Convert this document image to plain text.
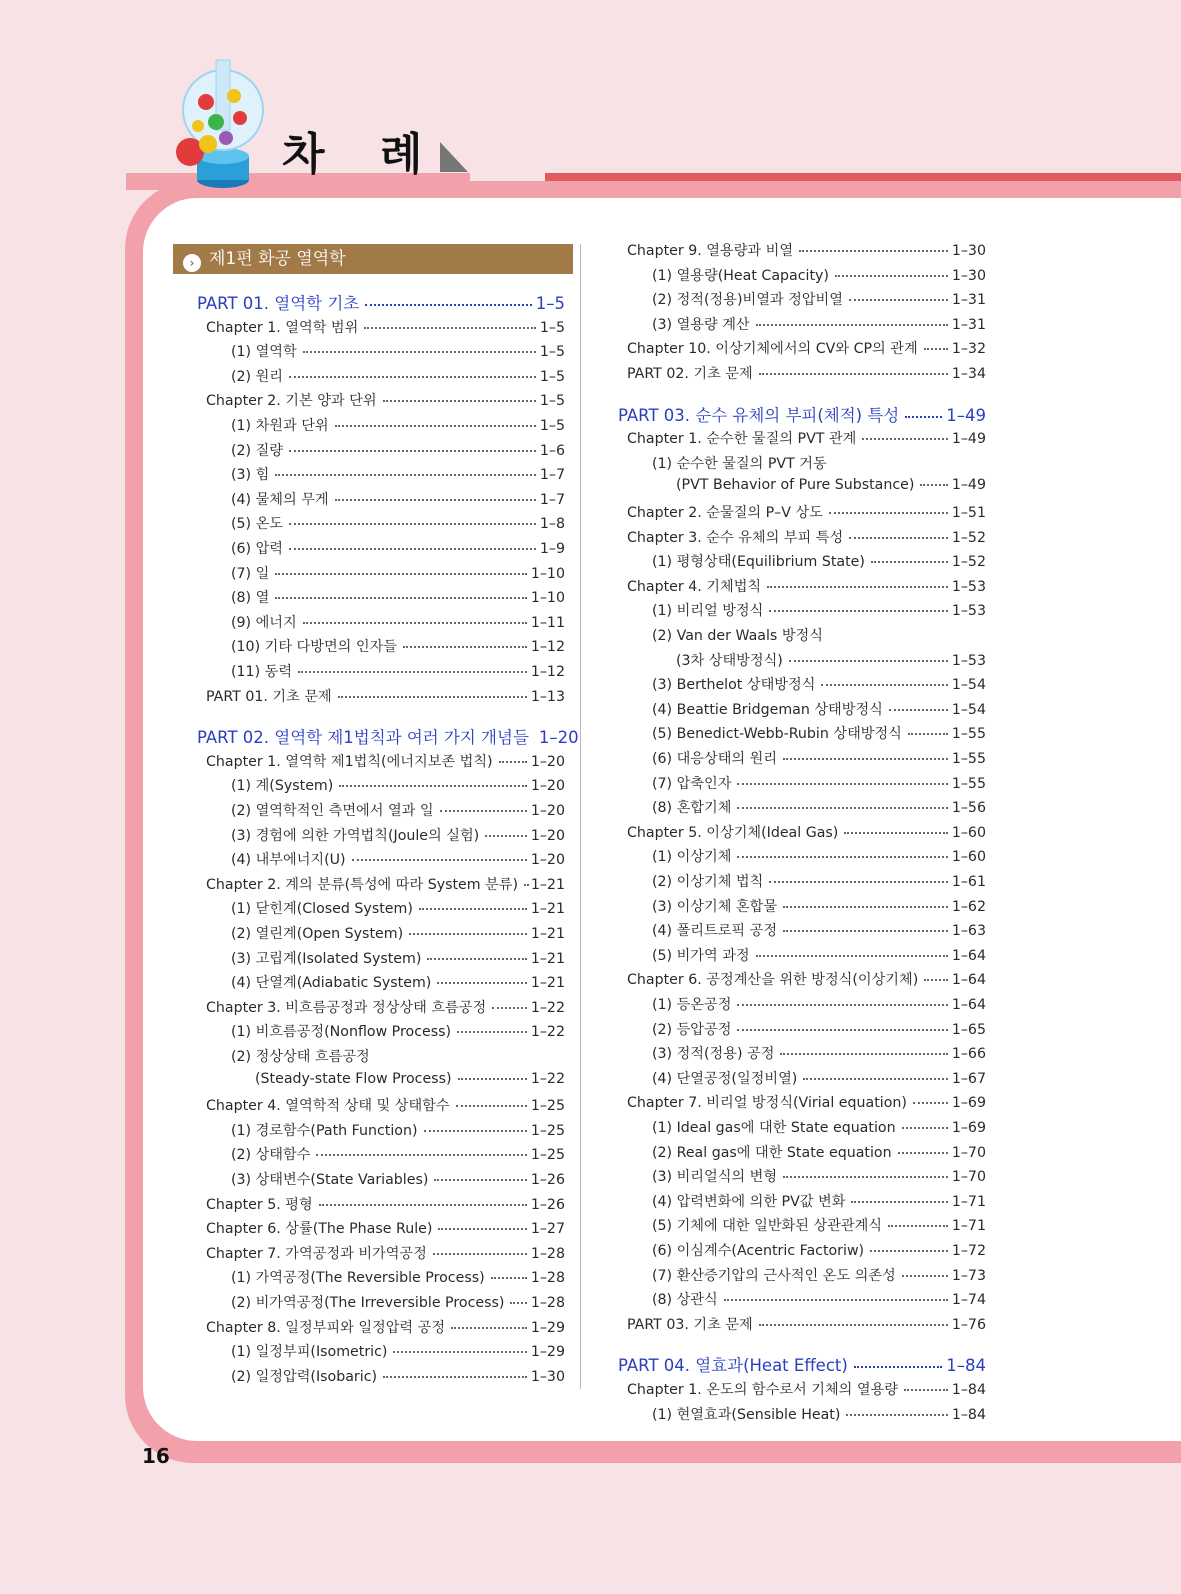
차 례
› 제1편 화공 열역학
PART 01. 열역학 기초	1–5
Chapter 1. 열역학 범위	1–5
(1) 열역학	1–5
(2) 원리	1–5
Chapter 2. 기본 양과 단위	1–5
(1) 차원과 단위	1–5
(2) 질량	1–6
(3) 힘	1–7
(4) 물체의 무게	1–7
(5) 온도	1–8
(6) 압력	1–9
(7) 일	1–10
(8) 열	1–10
(9) 에너지	1–11
(10) 기타 다방면의 인자들	1–12
(11) 동력	1–12
PART 01. 기초 문제	1–13
PART 02. 열역학 제1법칙과 여러 가지 개념들 1–20
Chapter 1. 열역학 제1법칙(에너지보존 법칙)	1–20
(1) 계(System)	1–20
(2) 열역학적인 측면에서 열과 일	1–20
(3) 경험에 의한 가역법칙(Joule의 실험)	1–20
(4) 내부에너지(U)	1–20
Chapter 2. 계의 분류(특성에 따라 System 분류) 1–21
(1) 닫힌계(Closed System)	1–21
(2) 열린계(Open System)	1–21
(3) 고립계(Isolated System)	1–21
(4) 단열계(Adiabatic System)	1–21
Chapter 3. 비흐름공정과 정상상태 흐름공정	1–22
(1) 비흐름공정(Nonflow Process)	1–22
(2) 정상상태 흐름공정
(Steady-state Flow Process)	1–22
Chapter 4. 열역학적 상태 및 상태함수	1–25
(1) 경로함수(Path Function)	1–25
(2) 상태함수	1–25
(3) 상태변수(State Variables)	1–26
Chapter 5. 평형	1–26
Chapter 6. 상률(The Phase Rule)	1–27
Chapter 7. 가역공정과 비가역공정	1–28
(1) 가역공정(The Reversible Process)	1–28
(2) 비가역공정(The Irreversible Process) 1–28
Chapter 8. 일정부피와 일정압력 공정	1–29
(1) 일정부피(Isometric)	1–29
(2) 일정압력(Isobaric)	1–30
Chapter 9. 열용량과 비열	1–30
(1) 열용량(Heat Capacity)	1–30
(2) 정적(정용)비열과 정압비열	1–31
(3) 열용량 계산	1–31
Chapter 10. 이상기체에서의 CV와 CP의 관계 1–32
PART 02. 기초 문제	1–34
PART 03. 순수 유체의 부피(체적) 특성	1–49
Chapter 1. 순수한 물질의 PVT 관계	1–49
(1) 순수한 물질의 PVT 거동
(PVT Behavior of Pure Substance)	1–49
Chapter 2. 순물질의 P–V 상도	1–51
Chapter 3. 순수 유체의 부피 특성	1–52
(1) 평형상태(Equilibrium State)	1–52
Chapter 4. 기체법칙	1–53
(1) 비리얼 방정식	1–53
(2) Van der Waals 방정식
(3차 상태방정식)	1–53
(3) Berthelot 상태방정식	1–54
(4) Beattie Bridgeman 상태방정식	1–54
(5) Benedict-Webb-Rubin 상태방정식	1–55
(6) 대응상태의 원리	1–55
(7) 압축인자	1–55
(8) 혼합기체	1–56
Chapter 5. 이상기체(Ideal Gas)	1–60
(1) 이상기체	1–60
(2) 이상기체 법칙	1–61
(3) 이상기체 혼합물	1–62
(4) 폴리트로픽 공정	1–63
(5) 비가역 과정	1–64
Chapter 6. 공정계산을 위한 방정식(이상기체) 1–64
(1) 등온공정	1–64
(2) 등압공정	1–65
(3) 정적(정용) 공정	1–66
(4) 단열공정(일정비열)	1–67
Chapter 7. 비리얼 방정식(Virial equation)	1–69
(1) Ideal gas에 대한 State equation	1–69
(2) Real gas에 대한 State equation	1–70
(3) 비리얼식의 변형	1–70
(4) 압력변화에 의한 PV값 변화	1–71
(5) 기체에 대한 일반화된 상관관계식	1–71
(6) 이심계수(Acentric Factoriw)	1–72
(7) 환산증기압의 근사적인 온도 의존성	1–73
(8) 상관식	1–74
PART 03. 기초 문제	1–76
PART 04. 열효과(Heat Effect)	1–84
Chapter 1. 온도의 함수로서 기체의 열용량	1–84
(1) 현열효과(Sensible Heat)	1–84
16
